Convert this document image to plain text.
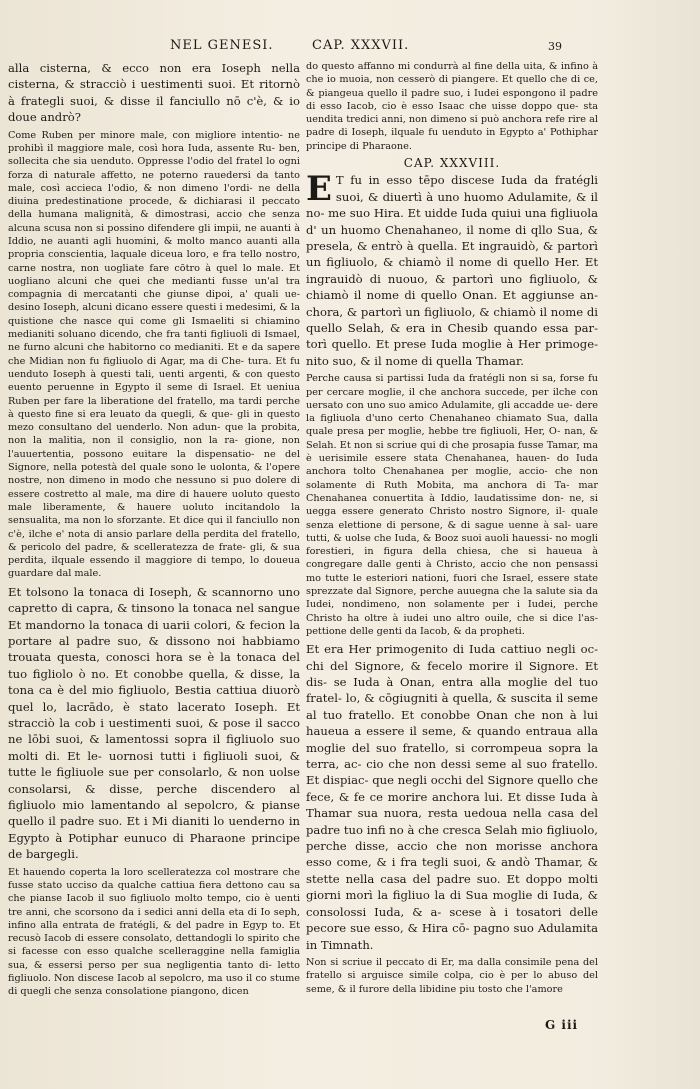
NEL GENESI.	CAP. XXXVII.	39

alla cisterna, & ecco non era Ioseph nella cisterna, & stracciò i uestimenti suoi. Et ritornò à frategli suoi, & disse il fanciullo nō c'è, & io doue andrò?

Come Ruben per minore male, con migliore intentio- ne prohibì il maggiore male, così hora Iuda, assente Ru- ben, sollecita che sia uenduto. Oppresse l'odio del fratel lo ogni forza di naturale affetto, ne poterno rauedersi da tanto male, così accieca l'odio, & non dimeno l'ordi- ne della diuina predestinatione procede, & dichiarasi il peccato della humana malignità, & dimostrasi, accio che senza alcuna scusa non si possino difendere gli impii, ne auanti à Iddio, ne auanti agli huomini, & molto manco auanti alla propria conscientia, laquale diceua loro, e fra tello nostro, carne nostra, non uogliate fare cōtro à quel lo male. Et uogliano alcuni che quei che medianti fusse un'al tra compagnia di mercatanti che giunse dipoi, a' quali ue- desino Ioseph, alcuni dicano essere questi i medesimi, & la quistione che nasce qui come gli Ismaeliti si chiamino medianiti soluano dicendo, che fra tanti figliuoli di Ismael, ne furno alcuni che habitorno co medianiti. Et e da sapere che Midian non fu figliuolo di Agar, ma di Che- tura. Et fu uenduto Ioseph à questi tali, uenti argenti, & con questo euento peruenne in Egypto il seme di Israel. Et ueniua Ruben per fare la liberatione del fratello, ma tardi perche à questo fine si era leuato da quegli, & que- gli in questo mezo consultano del uenderlo. Non adun- que la probita, non la malitia, non il consiglio, non la ra- gione, non l'auuertentia, possono euitare la dispensatio- ne del Signore, nella potestà del quale sono le uolonta, & l'opere nostre, non dimeno in modo che nessuno si puo dolere di essere costretto al male, ma dire di hauere uoluto questo male liberamente, & hauere uoluto incitandolo la sensualita, ma non lo sforzante. Et dice qui il fanciullo non c'è, ilche e' nota di ansio parlare della perdita del fratello, & pericolo del padre, & scelleratezza de frate- gli, & sua perdita, ilquale essendo il maggiore di tempo, lo doueua guardare dal male.

Et tolsono la tonaca di Ioseph, & scannorno uno capretto di capra, & tinsono la tonaca nel sangue Et mandorno la tonaca di uarii colori, & fecion la portare al padre suo, & dissono noi habbiamo trouata questa, conosci hora se è la tonaca del tuo figliolo ò no. Et conobbe quella, & disse, la tona ca è del mio figliuolo, Bestia cattiua diuorò quel lo, lacrādo, è stato lacerato Ioseph. Et stracciò la cob i uestimenti suoi, & pose il sacco ne lōbi suoi, & lamentossi sopra il figliuolo suo molti di. Et le- uornosi tutti i figliuoli suoi, & tutte le figliuole sue per consolarlo, & non uolse consolarsi, & disse, perche discendero al figliuolo mio lamentando al sepolcro, & pianse quello il padre suo. Et i Mi dianiti lo uenderno in Egypto à Potiphar eunuco di Pharaone principe de bargegli.

Et hauendo coperta la loro scelleratezza col mostrare che fusse stato ucciso da qualche cattiua fiera dettono cau sa che pianse Iacob il suo figliuolo molto tempo, cio è uenti tre anni, che scorsono da i sedici anni della eta di Io seph, infino alla entrata de fratégli, & del padre in Egyp to. Et recusò Iacob di essere consolato, dettandogli lo spirito che si facesse con esso qualche scelleraggine nella famiglia sua, & essersi perso per sua negligentia tanto di- letto figliuolo. Non discese Iacob al sepolcro, ma uso il co stume di quegli che senza consolatione piangono, dicen

do questo affanno mi condurrà al fine della uita, & infino à che io muoia, non cesserò di piangere. Et quello che di ce, & piangeua quello il padre suo, i Iudei espongono il padre di esso Iacob, cio è esso Isaac che uisse doppo que- sta uendita tredici anni, non dimeno si può anchora refe rire al padre di Ioseph, ilquale fu uenduto in Egypto a' Pothiphar principe di Pharaone.

CAP. XXXVIII.

E T fu in esso tēpo discese Iuda da fratégli suoi, & diuertì à uno huomo Adulamite, & il no- me suo Hira. Et uidde Iuda quiui una figliuola d' un huomo Chenahaneo, il nome di qllo Sua, & presela, & entrò à quella. Et ingrauidò, & partorì un figliuolo, & chiamò il nome di quello Her. Et ingrauidò di nuouo, & partorì uno figliuolo, & chiamò il nome di quello Onan. Et aggiunse an- chora, & partorì un figliuolo, & chiamò il nome di quello Selah, & era in Chesib quando essa par- torì quello. Et prese Iuda moglie à Her primoge- nito suo, & il nome di quella Thamar.

Perche causa si partissi Iuda da fratégli non si sa, forse fu per cercare moglie, il che anchora succede, per ilche con uersato con uno suo amico Adulamite, gli accadde ue- dere la figliuola d'uno certo Chenahaneo chiamato Sua, dalla quale presa per moglie, hebbe tre figliuoli, Her, O- nan, & Selah. Et non si scriue qui di che prosapia fusse Tamar, ma è uerisimile essere stata Chenahanea, hauen- do Iuda anchora tolto Chenahanea per moglie, accio- che non solamente di Ruth Mobita, ma anchora di Ta- mar Chenahanea conuertita à Iddio, laudatissime don- ne, si uegga essere generato Christo nostro Signore, il- quale senza elettione di persone, & di sague uenne à sal- uare tutti, & uolse che Iuda, & Booz suoi auoli hauessi- no mogli forestieri, in figura della chiesa, che si haueua à congregare dalle genti à Christo, accio che non pensassi mo tutte le esteriori nationi, fuori che Israel, essere state sprezzate dal Signore, perche auuegna che la salute sia da Iudei, nondimeno, non solamente per i Iudei, perche Christo ha oltre à iudei uno altro ouile, che si dice l'as- pettione delle genti da Iacob, & da propheti.

Et era Her primogenito di Iuda cattiuo negli oc- chi del Signore, & fecelo morire il Signore. Et dis- se Iuda à Onan, entra alla moglie del tuo fratel- lo, & cōgiugniti à quella, & suscita il seme al tuo fratello. Et conobbe Onan che non à lui haueua a essere il seme, & quando entraua alla moglie del suo fratello, si corrompeua sopra la terra, ac- cio che non dessi seme al suo fratello. Et dispiac- que negli occhi del Signore quello che fece, & fe ce morire anchora lui. Et disse Iuda à Thamar sua nuora, resta uedoua nella casa del padre tuo infi no à che cresca Selah mio figliuolo, perche disse, accio che non morisse anchora esso come, & i fra tegli suoi, & andò Thamar, & stette nella casa del padre suo. Et doppo molti giorni morì la figliuo la di Sua moglie di Iuda, & consolossi Iuda, & a- scese à i tosatori delle pecore sue esso, & Hira cō- pagno suo Adulamita in Timnath.

Non si scriue il peccato di Er, ma dalla consimile pena del fratello si arguisce simile colpa, cio è per lo abuso del seme, & il furore della libidine piu tosto che l'amore

G iii
